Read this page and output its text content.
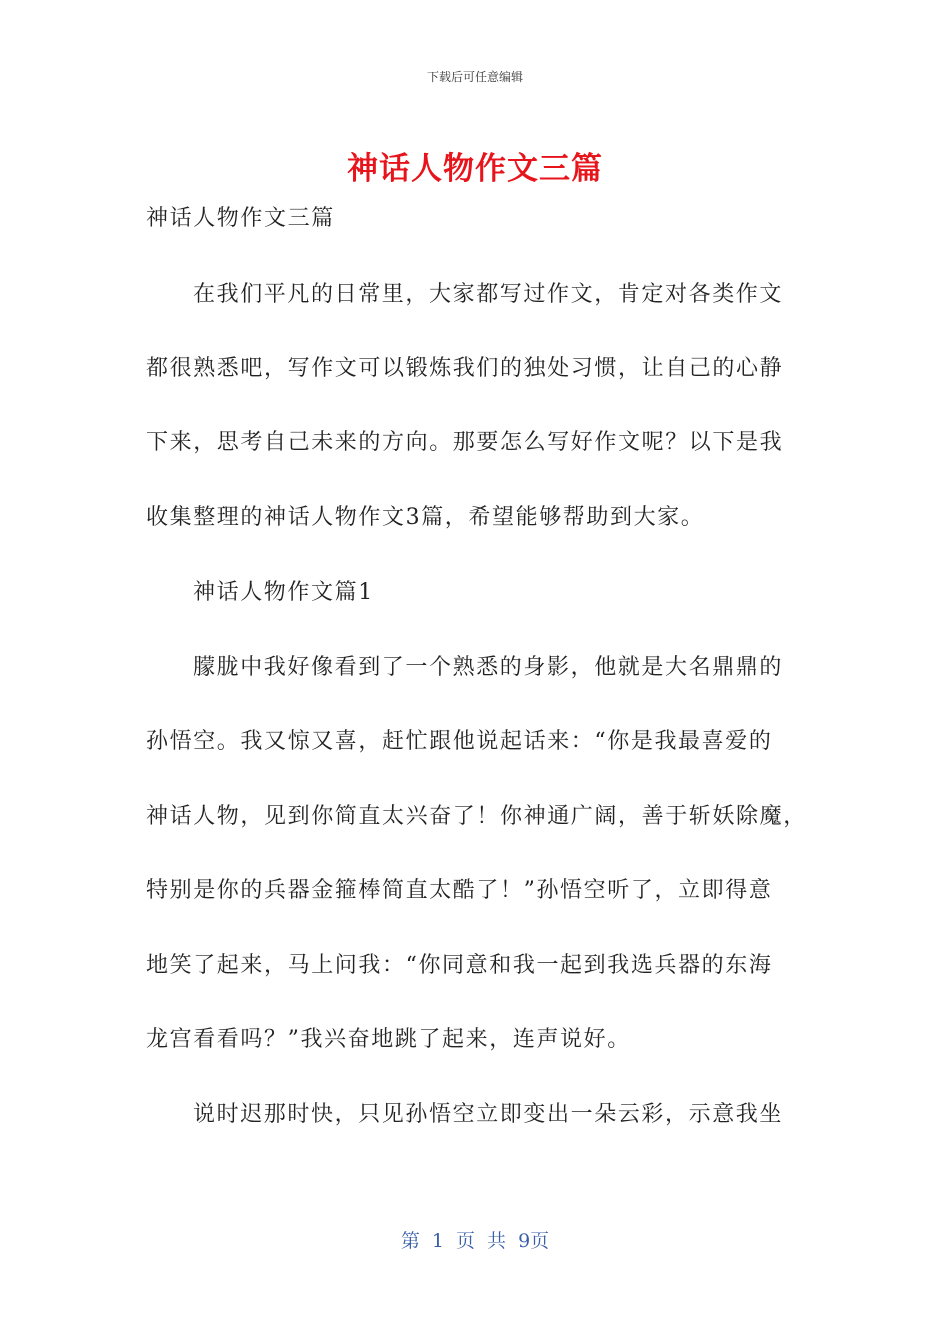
下载后可任意编辑
神话人物作文三篇
神话人物作文三篇
在我们平凡的日常里，大家都写过作文，肯定对各类作文
都很熟悉吧，写作文可以锻炼我们的独处习惯，让自己的心静
下来，思考自己未来的方向。那要怎么写好作文呢？以下是我
收集整理的神话人物作文3篇，希望能够帮助到大家。
神话人物作文篇1
朦胧中我好像看到了一个熟悉的身影，他就是大名鼎鼎的
孙悟空。我又惊又喜，赶忙跟他说起话来：“你是我最喜爱的
神话人物，见到你简直太兴奋了！你神通广阔，善于斩妖除魔，
特别是你的兵器金箍棒简直太酷了！”孙悟空听了，立即得意
地笑了起来，马上问我：“你同意和我一起到我选兵器的东海
龙宫看看吗？”我兴奋地跳了起来，连声说好。
说时迟那时快，只见孙悟空立即变出一朵云彩，示意我坐
第 1 页 共 9页
